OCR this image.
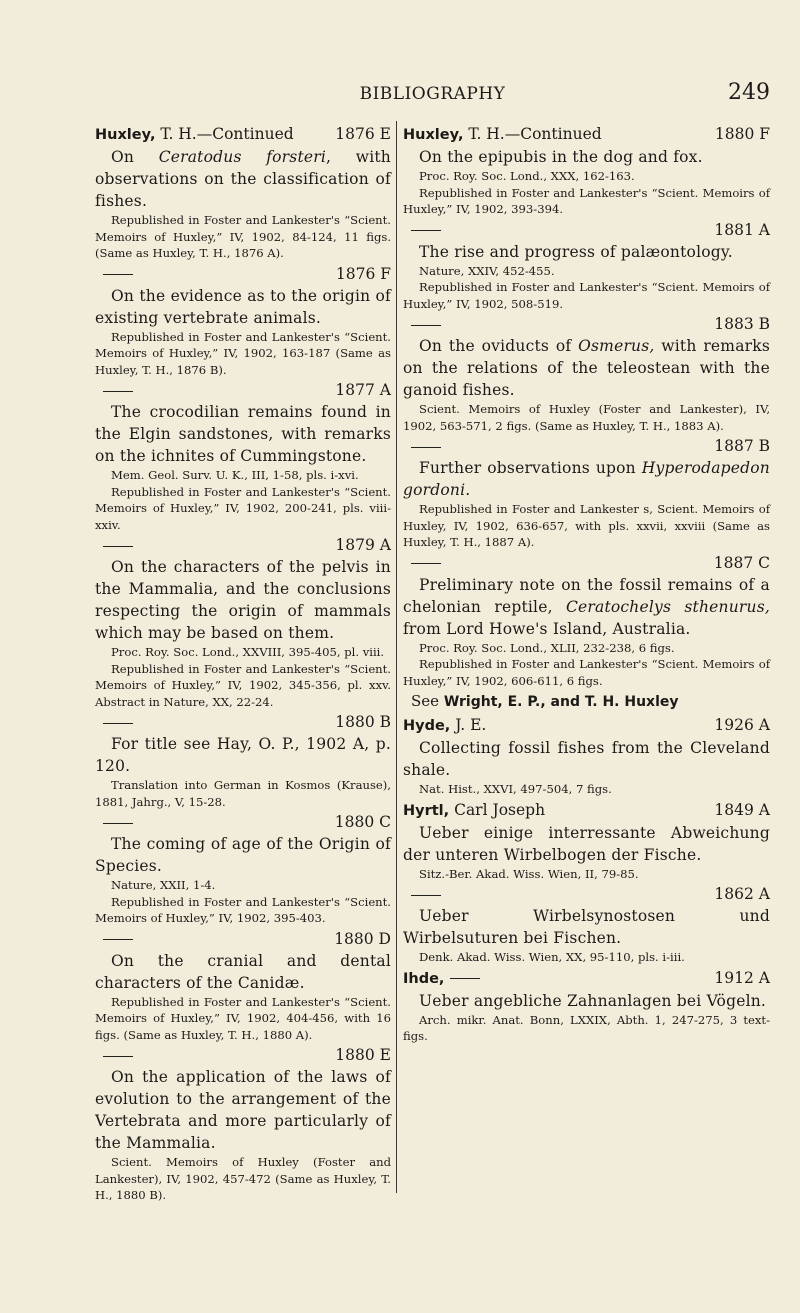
BIBLIOGRAPHY	249
Huxley, T. H.—Continued	1876 E
On Ceratodus forsteri, with observations on the classification of fishes.
Republished in Foster and Lankester's “Scient. Memoirs of Huxley,” IV, 1902, 84-124, 11 figs. (Same as Huxley, T. H., 1876 A).
1876 F
On the evidence as to the origin of existing vertebrate animals.
Republished in Foster and Lankester's “Scient. Memoirs of Huxley,” IV, 1902, 163-187 (Same as Huxley, T. H., 1876 B).
1877 A
The crocodilian remains found in the Elgin sandstones, with remarks on the ichnites of Cummingstone.
Mem. Geol. Surv. U. K., III, 1-58, pls. i-xvi.
Republished in Foster and Lankester's “Scient. Memoirs of Huxley,” IV, 1902, 200-241, pls. viii-xxiv.
1879 A
On the characters of the pelvis in the Mammalia, and the conclusions respecting the origin of mammals which may be based on them.
Proc. Roy. Soc. Lond., XXVIII, 395-405, pl. viii.
Republished in Foster and Lankester's “Scient. Memoirs of Huxley,” IV, 1902, 345-356, pl. xxv. Abstract in Nature, XX, 22-24.
1880 B
For title see Hay, O. P., 1902 A, p. 120.
Translation into German in Kosmos (Krause), 1881, Jahrg., V, 15-28.
1880 C
The coming of age of the Origin of Species.
Nature, XXII, 1-4.
Republished in Foster and Lankester's “Scient. Memoirs of Huxley,” IV, 1902, 395-403.
1880 D
On the cranial and dental characters of the Canidæ.
Republished in Foster and Lankester's “Scient. Memoirs of Huxley,” IV, 1902, 404-456, with 16 figs. (Same as Huxley, T. H., 1880 A).
1880 E
On the application of the laws of evolution to the arrangement of the Vertebrata and more particularly of the Mammalia.
Scient. Memoirs of Huxley (Foster and Lankester), IV, 1902, 457-472 (Same as Huxley, T. H., 1880 B).
Huxley, T. H.—Continued	1880 F
On the epipubis in the dog and fox.
Proc. Roy. Soc. Lond., XXX, 162-163.
Republished in Foster and Lankester's “Scient. Memoirs of Huxley,” IV, 1902, 393-394.
1881 A
The rise and progress of palæontology.
Nature, XXIV, 452-455.
Republished in Foster and Lankester's “Scient. Memoirs of Huxley,” IV, 1902, 508-519.
1883 B
On the oviducts of Osmerus, with remarks on the relations of the teleostean with the ganoid fishes.
Scient. Memoirs of Huxley (Foster and Lankester), IV, 1902, 563-571, 2 figs. (Same as Huxley, T. H., 1883 A).
1887 B
Further observations upon Hyperodapedon gordoni.
Republished in Foster and Lankester s, Scient. Memoirs of Huxley, IV, 1902, 636-657, with pls. xxvii, xxviii (Same as Huxley, T. H., 1887 A).
1887 C
Preliminary note on the fossil remains of a chelonian reptile, Ceratochelys sthenurus, from Lord Howe's Island, Australia.
Proc. Roy. Soc. Lond., XLII, 232-238, 6 figs.
Republished in Foster and Lankester's “Scient. Memoirs of Huxley,” IV, 1902, 606-611, 6 figs.
See Wright, E. P., and T. H. Huxley
Hyde, J. E.	1926 A
Collecting fossil fishes from the Cleveland shale.
Nat. Hist., XXVI, 497-504, 7 figs.
Hyrtl, Carl Joseph	1849 A
Ueber einige interressante Abweichung der unteren Wirbelbogen der Fische.
Sitz.-Ber. Akad. Wiss. Wien, II, 79-85.
1862 A
Ueber Wirbelsynostosen und Wirbelsuturen bei Fischen.
Denk. Akad. Wiss. Wien, XX, 95-110, pls. i-iii.
Ihde,	1912 A
Ueber angebliche Zahnanlagen bei Vögeln.
Arch. mikr. Anat. Bonn, LXXIX, Abth. 1, 247-275, 3 text-figs.
